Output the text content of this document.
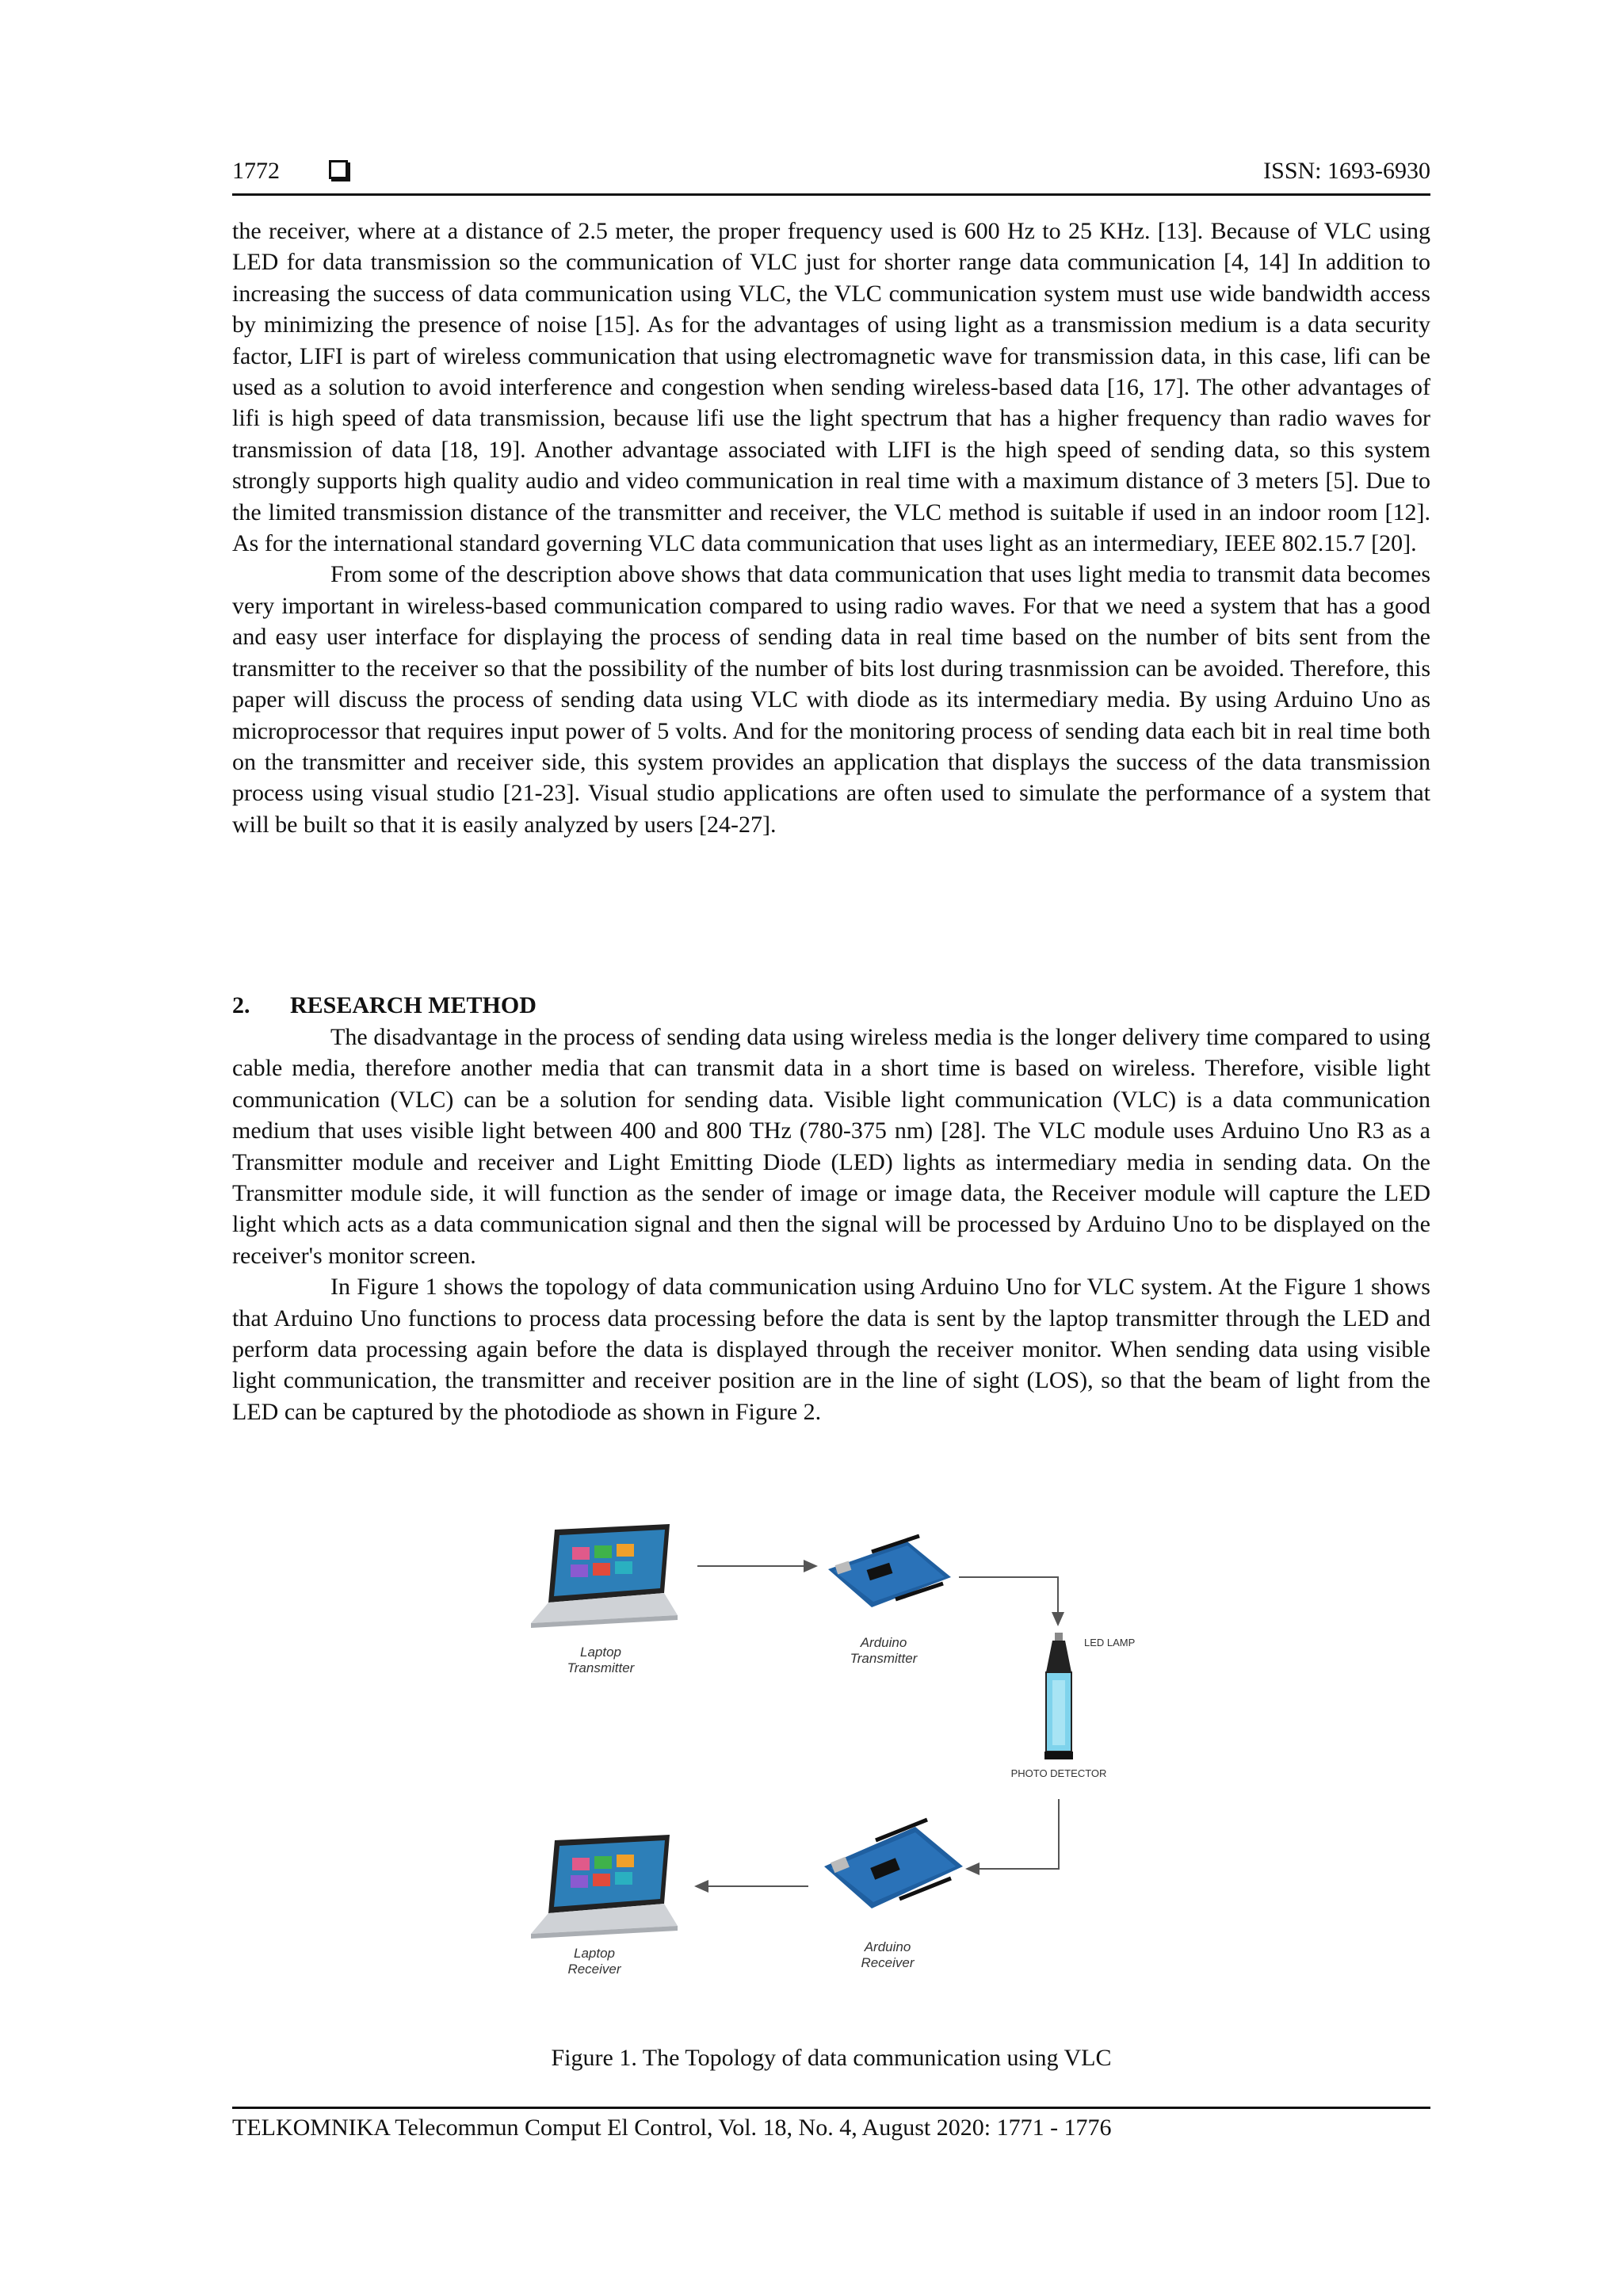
1772	ISSN: 1693-6930

the receiver, where at a distance of 2.5 meter, the proper frequency used is 600 Hz to 25 KHz. [13]. Because of VLC using LED for data transmission so the communication of VLC just for shorter range data communication [4, 14] In addition to increasing the success of data communication using VLC, the VLC communication system must use wide bandwidth access by minimizing the presence of noise [15]. As for the advantages of using light as a transmission medium is a data security factor, LIFI is part of wireless communication that using electromagnetic wave for transmission data, in this case, lifi can be used as a solution to avoid interference and congestion when sending wireless-based data [16, 17]. The other advantages of lifi is high speed of data transmission, because lifi use the light spectrum that has a higher frequency than radio waves for transmission of data [18, 19]. Another advantage associated with LIFI is the high speed of sending data, so this system strongly supports high quality audio and video communication in real time with a maximum distance of 3 meters [5]. Due to the limited transmission distance of the transmitter and receiver, the VLC method is suitable if used in an indoor room [12]. As for the international standard governing VLC data communication that uses light as an intermediary, IEEE 802.15.7 [20].

From some of the description above shows that data communication that uses light media to transmit data becomes very important in wireless-based communication compared to using radio waves. For that we need a system that has a good and easy user interface for displaying the process of sending data in real time based on the number of bits sent from the transmitter to the receiver so that the possibility of the number of bits lost during trasnmission can be avoided. Therefore, this paper will discuss the process of sending data using VLC with diode as its intermediary media. By using Arduino Uno as microprocessor that requires input power of 5 volts. And for the monitoring process of sending data each bit in real time both on the transmitter and receiver side, this system provides an application that displays the success of the data transmission process using visual studio [21-23]. Visual studio applications are often used to simulate the performance of a system that will be built so that it is easily analyzed by users [24-27].

2. RESEARCH METHOD

The disadvantage in the process of sending data using wireless media is the longer delivery time compared to using cable media, therefore another media that can transmit data in a short time is based on wireless. Therefore, visible light communication (VLC) can be a solution for sending data. Visible light communication (VLC) is a data communication medium that uses visible light between 400 and 800 THz (780-375 nm) [28]. The VLC module uses Arduino Uno R3 as a Transmitter module and receiver and Light Emitting Diode (LED) lights as intermediary media in sending data. On the Transmitter module side, it will function as the sender of image or image data, the Receiver module will capture the LED light which acts as a data communication signal and then the signal will be processed by Arduino Uno to be displayed on the receiver's monitor screen.

In Figure 1 shows the topology of data communication using Arduino Uno for VLC system. At the Figure 1 shows that Arduino Uno functions to process data processing before the data is sent by the laptop transmitter through the LED and perform data processing again before the data is displayed through the receiver monitor. When sending data using visible light communication, the transmitter and receiver position are in the line of sight (LOS), so that the beam of light from the LED can be captured by the photodiode as shown in Figure 2.

Laptop
Transmitter
Arduino
Transmitter
LED LAMP
PHOTO DETECTOR
Arduino
Receiver
Laptop
Receiver
Figure 1. The Topology of data communication using VLC
TELKOMNIKA Telecommun Comput El Control, Vol. 18, No. 4, August 2020: 1771 - 1776
